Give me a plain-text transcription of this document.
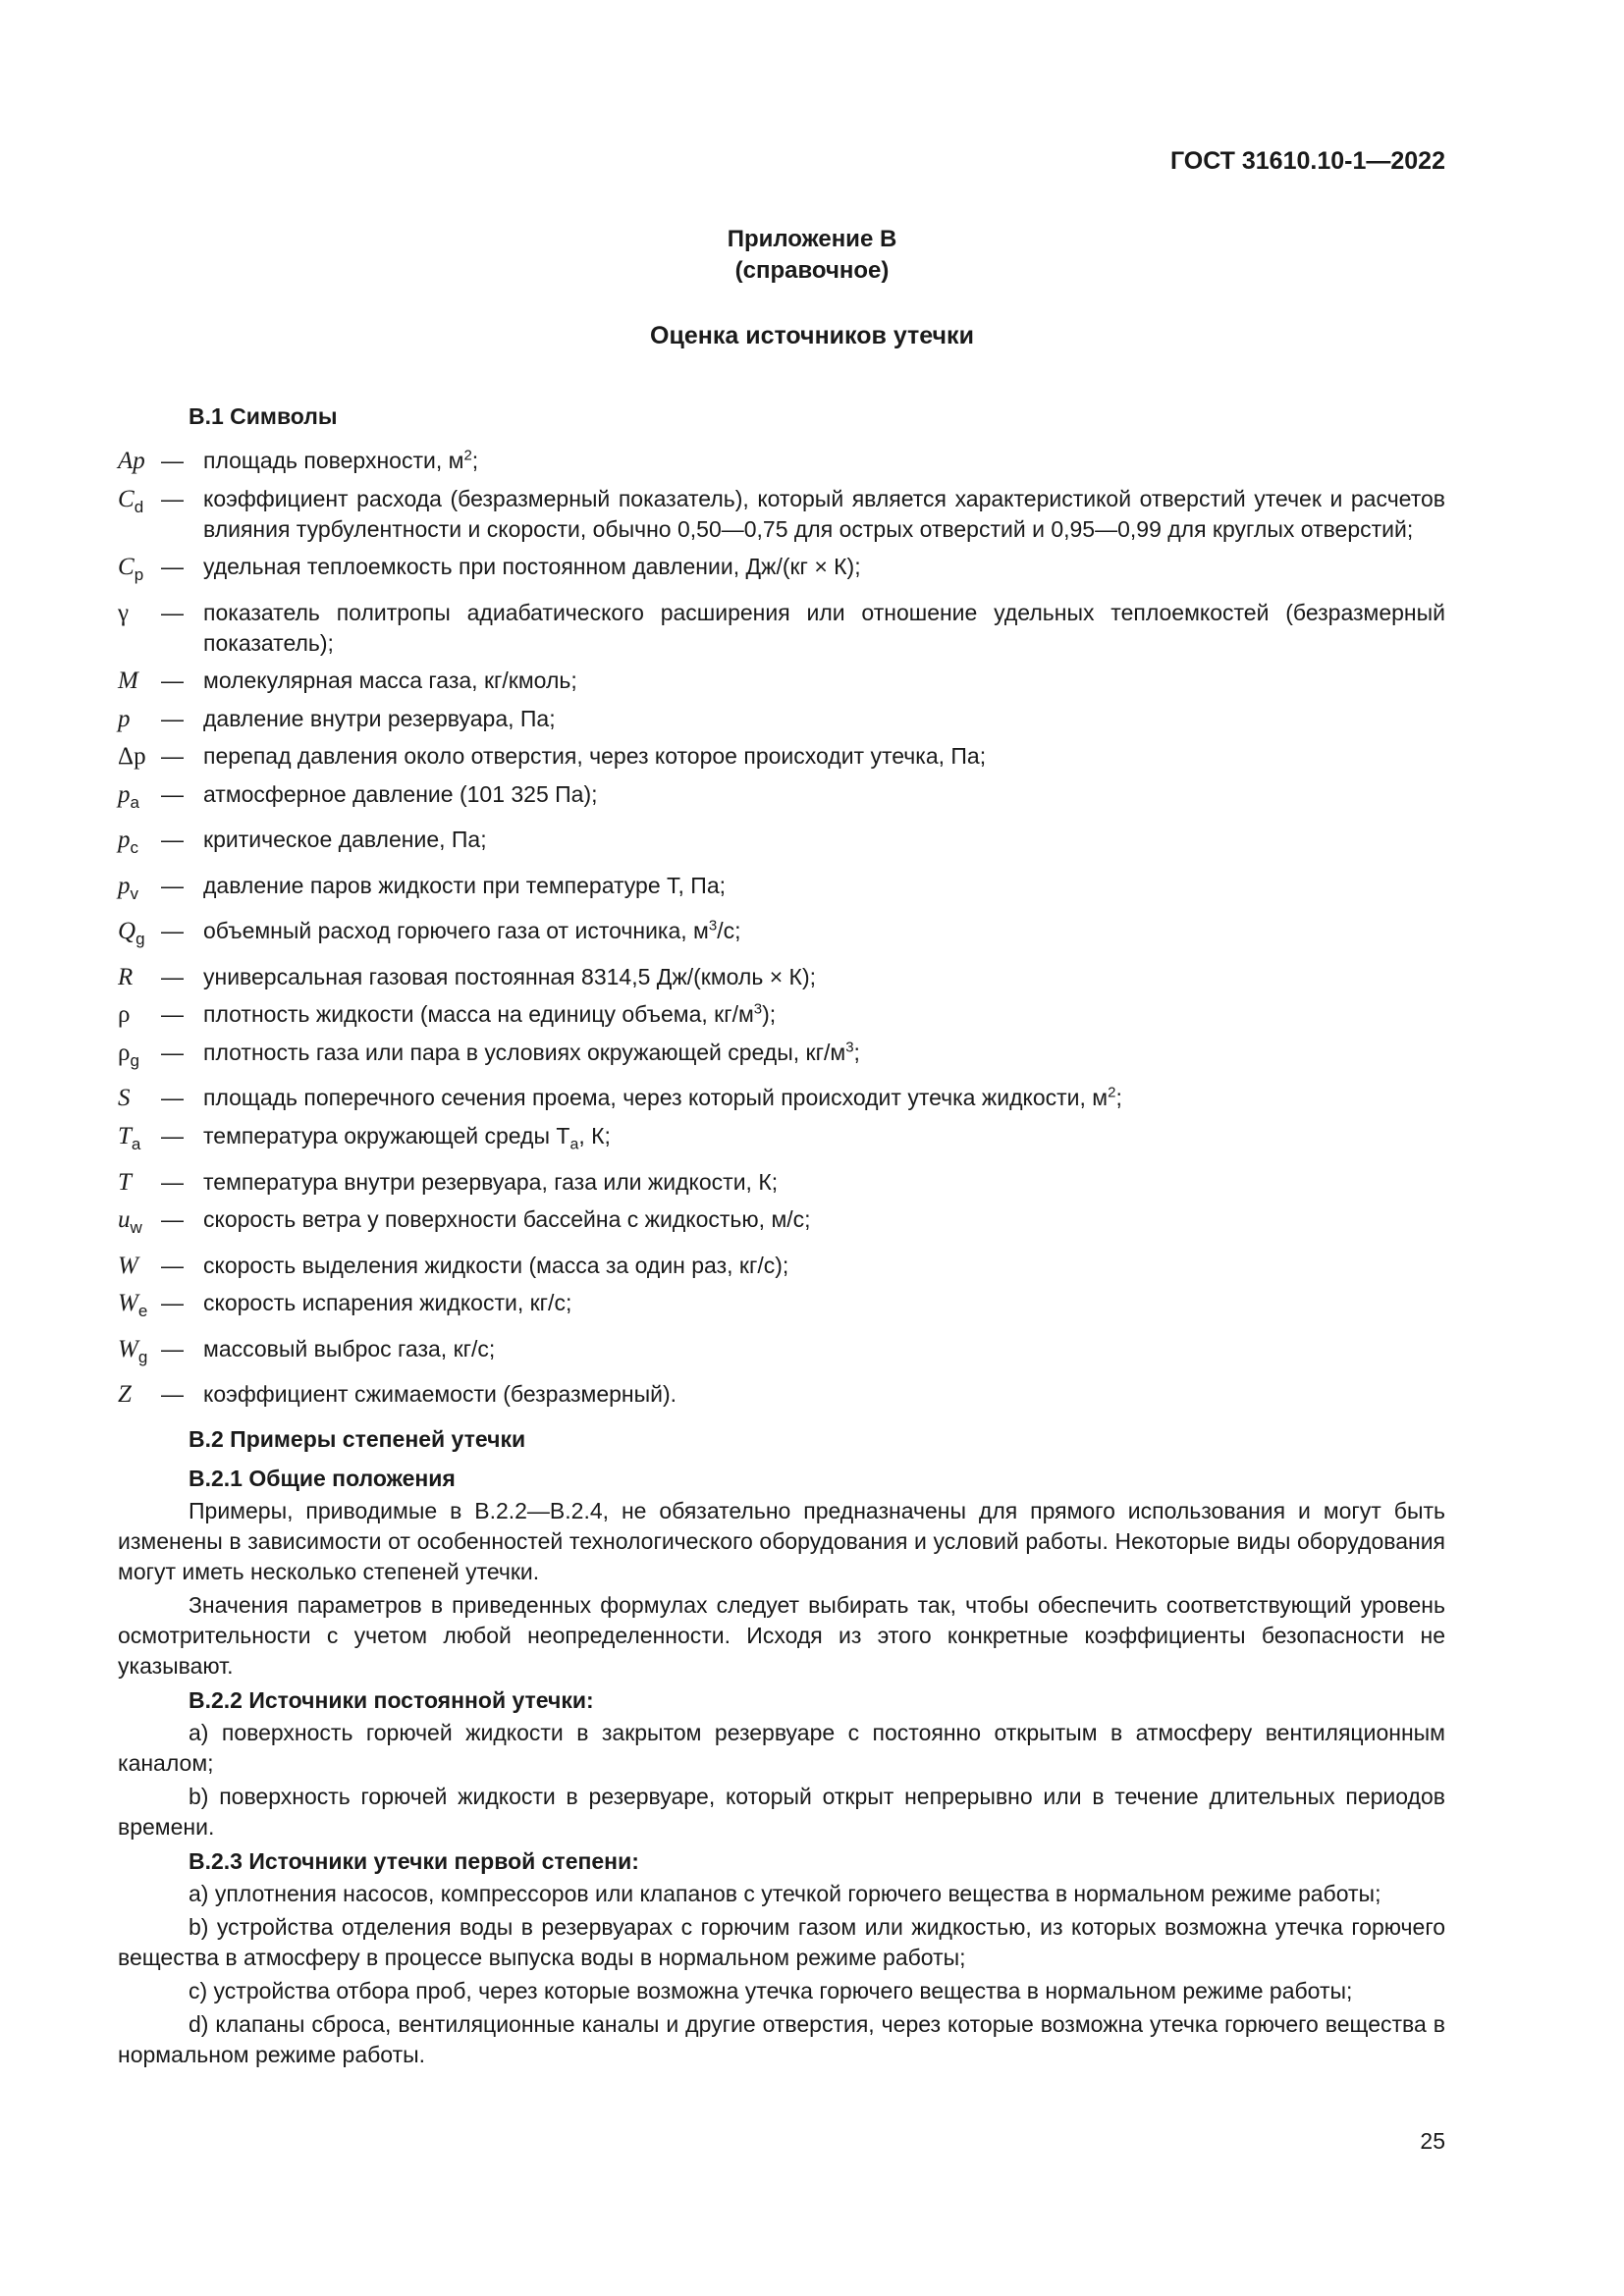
ГОСТ 31610.10-1—2022
Приложение В
(справочное)
Оценка источников утечки
В.1 Символы
Ap — площадь поверхности, $м^2$;
$C_d$ — коэффициент расхода (безразмерный показатель), который является характеристикой отверстий утечек и расчетов влияния турбулентности и скорости, обычно 0,50—0,75 для острых отверстий и 0,95—0,99 для круглых отверстий;
$C_p$ — удельная теплоемкость при постоянном давлении, Дж/(кг × К);
γ	— показатель политропы адиабатического расширения или отношение удельных теплоемкостей (безразмерный показатель);
M	— молекулярная масса газа, кг/кмоль;
p	— давление внутри резервуара, Па;
Δp — перепад давления около отверстия, через которое происходит утечка, Па;
$p_a$ — атмосферное давление (101 325 Па);
$p_c$	— критическое давление, Па;
$p_v$	— давление паров жидкости при температуре Т, Па;
$Q_g$ — объемный расход горючего газа от источника, $м^3/с$;
R	— универсальная газовая постоянная 8314,5 Дж/(кмоль × К);
ρ	— плотность жидкости (масса на единицу объема, $кг/м^3$);
$\rho_g$ — плотность газа или пара в условиях окружающей среды, $кг/м^3$;
S	— площадь поперечного сечения проема, через который происходит утечка жидкости, $м^2$;
$T_a$ — температура окружающей среды $T_a$, К;
T	— температура внутри резервуара, газа или жидкости, К;
$u_w$ — скорость ветра у поверхности бассейна с жидкостью, м/с;
W	— скорость выделения жидкости (масса за один раз, кг/с);
$W_e$ — скорость испарения жидкости, кг/с;
$W_g$ — массовый выброс газа, кг/с;
Z	— коэффициент сжимаемости (безразмерный).
В.2 Примеры степеней утечки
В.2.1 Общие положения

Примеры, приводимые в В.2.2—В.2.4, не обязательно предназначены для прямого использования и могут быть изменены в зависимости от особенностей технологического оборудования и условий работы. Некоторые виды оборудования могут иметь несколько степеней утечки.

Значения параметров в приведенных формулах следует выбирать так, чтобы обеспечить соответствующий уровень осмотрительности с учетом любой неопределенности. Исходя из этого конкретные коэффициенты безопасности не указывают.

В.2.2 Источники постоянной утечки:

а) поверхность горючей жидкости в закрытом резервуаре с постоянно открытым в атмосферу вентиляционным каналом;

b) поверхность горючей жидкости в резервуаре, который открыт непрерывно или в течение длительных периодов времени.

В.2.3 Источники утечки первой степени:

а) уплотнения насосов, компрессоров или клапанов с утечкой горючего вещества в нормальном режиме работы;

b) устройства отделения воды в резервуарах с горючим газом или жидкостью, из которых возможна утечка горючего вещества в атмосферу в процессе выпуска воды в нормальном режиме работы;

c) устройства отбора проб, через которые возможна утечка горючего вещества в нормальном режиме работы;

d) клапаны сброса, вентиляционные каналы и другие отверстия, через которые возможна утечка горючего вещества в нормальном режиме работы.

25
